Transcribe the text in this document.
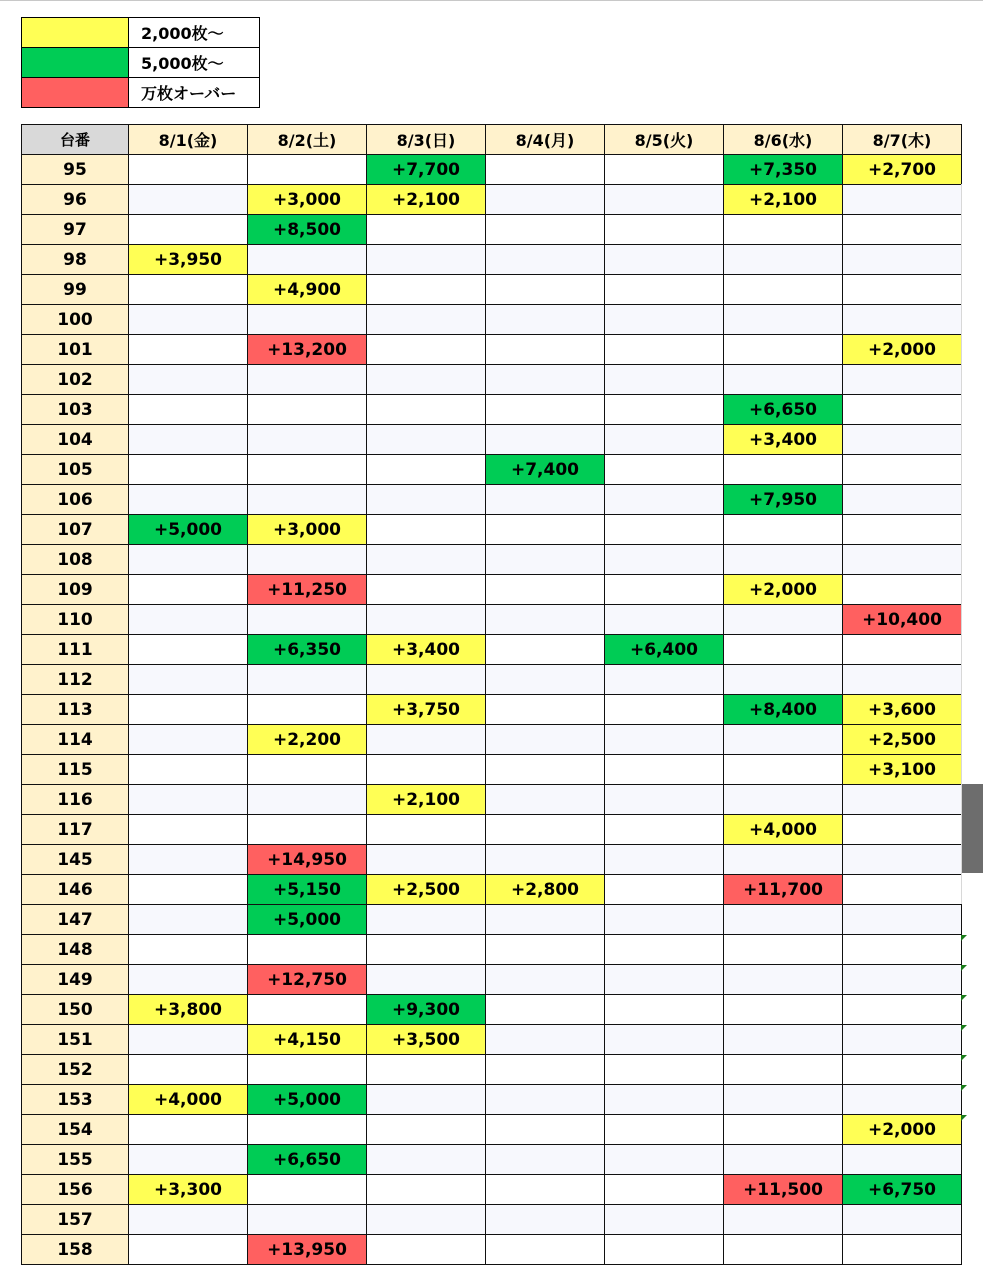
	2,000枚〜
	5,000枚〜
	万枚オーバー
台番	8/1(金)	8/2(土)	8/3(日)	8/4(月)	8/5(火)	8/6(水)	8/7(木)
95			+7,700			+7,350	+2,700
96		+3,000	+2,100			+2,100	
97		+8,500					
98	+3,950						
99		+4,900					
100							
101		+13,200					+2,000
102							
103						+6,650	
104						+3,400	
105				+7,400			
106						+7,950	
107	+5,000	+3,000					
108							
109		+11,250				+2,000	
110							+10,400
111		+6,350	+3,400		+6,400		
112							
113			+3,750			+8,400	+3,600
114		+2,200					+2,500
115							+3,100
116			+2,100				
117						+4,000	
145		+14,950					
146		+5,150	+2,500	+2,800		+11,700	
147		+5,000					
148							
149		+12,750					
150	+3,800		+9,300				
151		+4,150	+3,500				
152							
153	+4,000	+5,000					
154							+2,000
155		+6,650					
156	+3,300					+11,500	+6,750
157							
158		+13,950					
